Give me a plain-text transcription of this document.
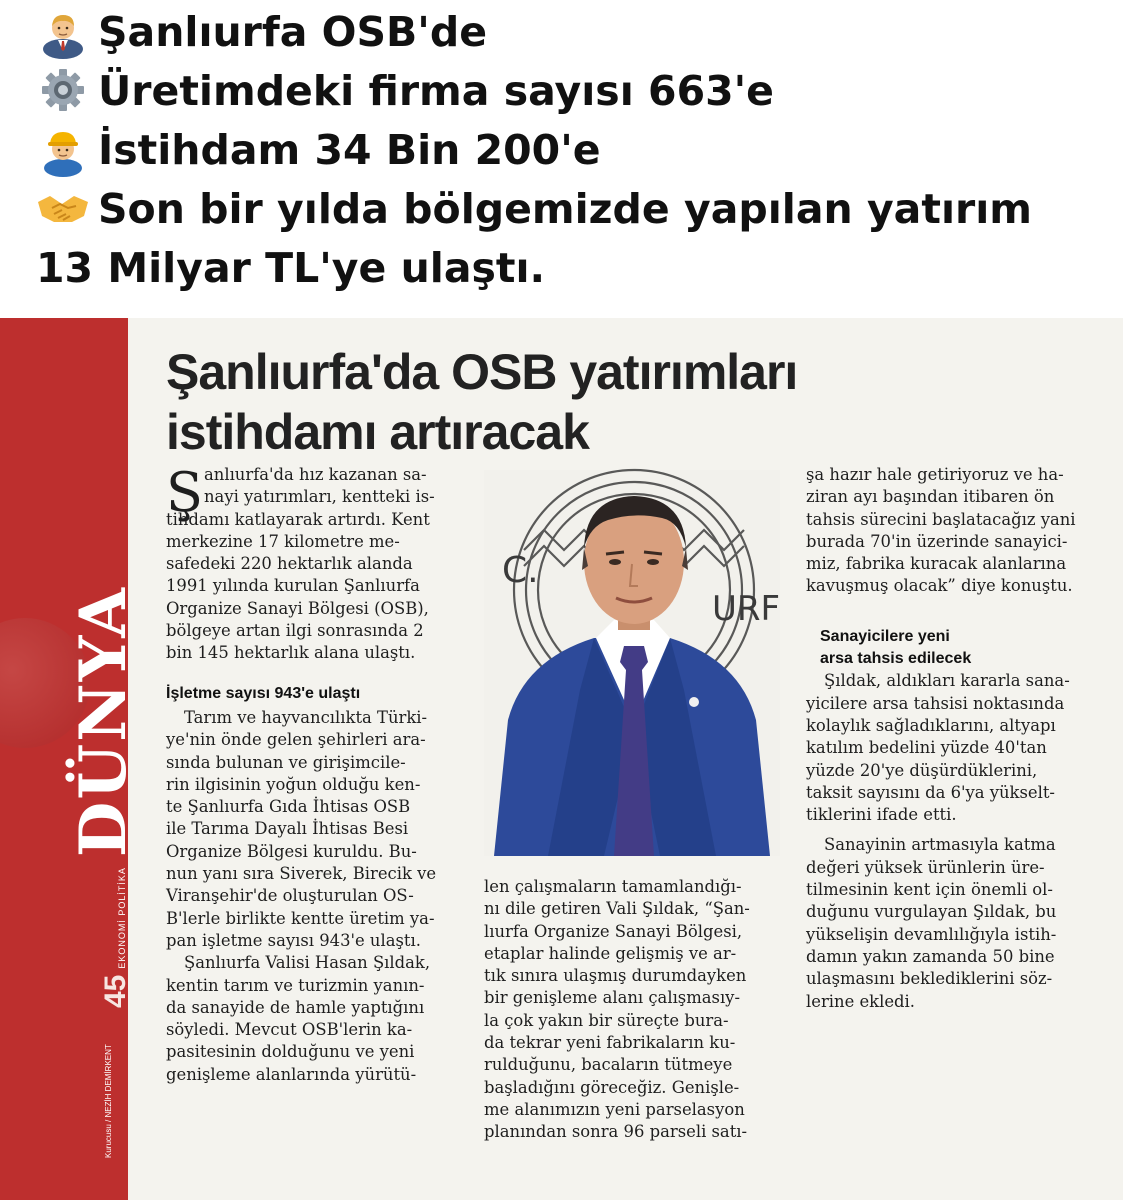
Şanlıurfa OSB'de
Üretimdeki firma sayısı 663'e
İstihdam 34 Bin 200'e
Son bir yılda bölgemizde yapılan yatırım
13 Milyar TL'ye ulaştı.
45EKONOMİ POLİTİKADÜNYA
Kurucusu / NEZİH DEMİRKENT
Şanlıurfa'da OSB yatırımları
istihdamı artıracak
Ş anlıurfa'da hız kazanan sa-

nayi yatırımları, kentteki is-

tihdamı katlayarak artırdı. Kent

merkezine 17 kilometre me-

safedeki 220 hektarlık alanda

1991 yılında kurulan Şanlıurfa

Organize Sanayi Bölgesi (OSB),

bölgeye artan ilgi sonrasında 2

bin 145 hektarlık alana ulaştı.

İşletme sayısı 943'e ulaştı

Tarım ve hayvancılıkta Türki-

ye'nin önde gelen şehirleri ara-

sında bulunan ve girişimcile-

rin ilgisinin yoğun olduğu ken-

te Şanlıurfa Gıda İhtisas OSB

ile Tarıma Dayalı İhtisas Besi

Organize Bölgesi kuruldu. Bu-

nun yanı sıra Siverek, Birecik ve

Viranşehir'de oluşturulan OS-

B'lerle birlikte kentte üretim ya-

pan işletme sayısı 943'e ulaştı.

Şanlıurfa Valisi Hasan Şıldak,

kentin tarım ve turizmin yanın-

da sanayide de hamle yaptığını

söyledi. Mevcut OSB'lerin ka-

pasitesinin dolduğunu ve yeni

genişleme alanlarında yürütü-

C.
URF

len çalışmaların tamamlandığı-

nı dile getiren Vali Şıldak, “Şan-

lıurfa Organize Sanayi Bölgesi,

etaplar halinde gelişmiş ve ar-

tık sınıra ulaşmış durumdayken

bir genişleme alanı çalışmasıy-

la çok yakın bir süreçte bura-

da tekrar yeni fabrikaların ku-

rulduğunu, bacaların tütmeye

başladığını göreceğiz. Genişle-

me alanımızın yeni parselasyon

planından sonra 96 parseli satı-

şa hazır hale getiriyoruz ve ha-

ziran ayı başından itibaren ön

tahsis sürecini başlatacağız yani

burada 70'in üzerinde sanayici-

miz, fabrika kuracak alanlarına

kavuşmuş olacak” diye konuştu.

Sanayicilere yeni

arsa tahsis edilecek

Şıldak, aldıkları kararla sana-

yicilere arsa tahsisi noktasında

kolaylık sağladıklarını, altyapı

katılım bedelini yüzde 40'tan

yüzde 20'ye düşürdüklerini,

taksit sayısını da 6'ya yükselt-

tiklerini ifade etti.

Sanayinin artmasıyla katma

değeri yüksek ürünlerin üre-

tilmesinin kent için önemli ol-

duğunu vurgulayan Şıldak, bu

yükselişin devamlılığıyla istih-

damın yakın zamanda 50 bine

ulaşmasını beklediklerini söz-

lerine ekledi.
